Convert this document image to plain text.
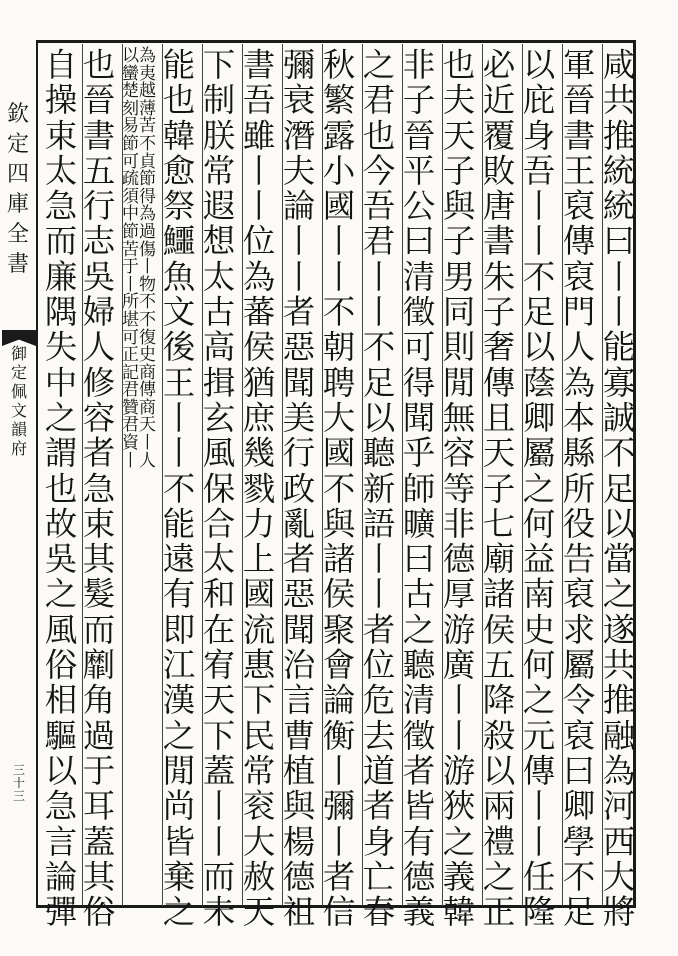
欽定四庫全書
御定佩文韻府
三十三
咸共推統統曰丨丨能寡誠不足以當之遂共推融為河西大將
軍晉書王裒傳裒門人為本縣所役告裒求屬令裒曰卿學不足
以庇身吾丨丨不足以蔭卿屬之何益南史何之元傳丨丨任隆
必近覆敗唐書朱子奢傳且天子七廟諸侯五降殺以兩禮之正
也夫天子與子男同則閒無容等非德厚游廣丨丨游狹之義韓
非子晉平公曰清徵可得聞乎師曠曰古之聽清徵者皆有德義
之君也今吾君丨丨不足以聽新語丨丨者位危去道者身亡春
秋繁露小國丨丨不朝聘大國不與諸侯聚會論衡丨彌丨者信
彌衰潛夫論丨丨者惡聞美行政亂者惡聞治言曹植與楊德祖
書吾雖丨丨位為蕃侯猶庶幾戮力上國流惠下民常衮大赦天
下制朕常遐想太古高揖玄風保合太和在宥天下蓋丨丨而未
能也韓愈祭鱷魚文後王丨丨不能遠有即江漢之閒尚皆棄之
以為蠻夷楚越刻薄易苦節不可貞疏節須得中為節過苦傷于丨丨物所不堪不可復正史記商君傳贊商君天資丨丨人
也晉書五行志吳婦人修容者急束其髮而劘角過于耳蓋其俗
自操束太急而廉隅失中之謂也故吳之風俗相驅以急言論彈
